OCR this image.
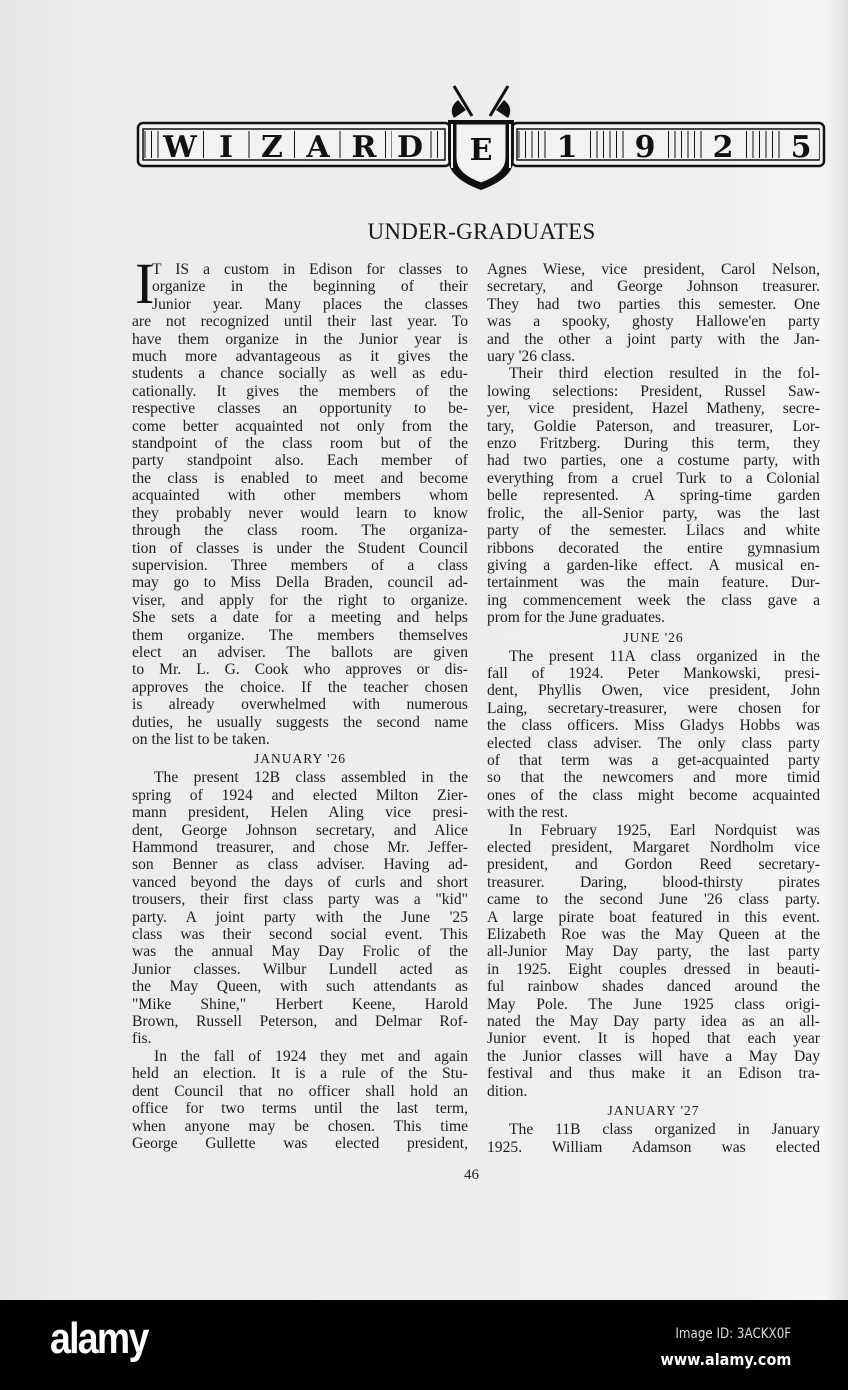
W I Z A R D	1 9 2 5
E
UNDER-GRADUATES
I
T IS a custom in Edison for classes to
organize in the beginning of their
Junior year. Many places the classes
are not recognized until their last year. To
have them organize in the Junior year is
much more advantageous as it gives the
students a chance socially as well as edu-
cationally. It gives the members of the
respective classes an opportunity to be-
come better acquainted not only from the
standpoint of the class room but of the
party standpoint also. Each member of
the class is enabled to meet and become
acquainted with other members whom
they probably never would learn to know
through the class room. The organiza-
tion of classes is under the Student Council
supervision. Three members of a class
may go to Miss Della Braden, council ad-
viser, and apply for the right to organize.
She sets a date for a meeting and helps
them organize. The members themselves
elect an adviser. The ballots are given
to Mr. L. G. Cook who approves or dis-
approves the choice. If the teacher chosen
is already overwhelmed with numerous
duties, he usually suggests the second name
on the list to be taken.
JANUARY '26
The present 12B class assembled in the
spring of 1924 and elected Milton Zier-
mann president, Helen Aling vice presi-
dent, George Johnson secretary, and Alice
Hammond treasurer, and chose Mr. Jeffer-
son Benner as class adviser. Having ad-
vanced beyond the days of curls and short
trousers, their first class party was a "kid"
party. A joint party with the June '25
class was their second social event. This
was the annual May Day Frolic of the
Junior classes. Wilbur Lundell acted as
the May Queen, with such attendants as
"Mike Shine," Herbert Keene, Harold
Brown, Russell Peterson, and Delmar Rof-
fis.
In the fall of 1924 they met and again
held an election. It is a rule of the Stu-
dent Council that no officer shall hold an
office for two terms until the last term,
when anyone may be chosen. This time
George Gullette was elected president,
Agnes Wiese, vice president, Carol Nelson,
secretary, and George Johnson treasurer.
They had two parties this semester. One
was a spooky, ghosty Hallowe'en party
and the other a joint party with the Jan-
uary '26 class.
Their third election resulted in the fol-
lowing selections: President, Russel Saw-
yer, vice president, Hazel Matheny, secre-
tary, Goldie Paterson, and treasurer, Lor-
enzo Fritzberg. During this term, they
had two parties, one a costume party, with
everything from a cruel Turk to a Colonial
belle represented. A spring-time garden
frolic, the all-Senior party, was the last
party of the semester. Lilacs and white
ribbons decorated the entire gymnasium
giving a garden-like effect. A musical en-
tertainment was the main feature. Dur-
ing commencement week the class gave a
prom for the June graduates.
JUNE '26
The present 11A class organized in the
fall of 1924. Peter Mankowski, presi-
dent, Phyllis Owen, vice president, John
Laing, secretary-treasurer, were chosen for
the class officers. Miss Gladys Hobbs was
elected class adviser. The only class party
of that term was a get-acquainted party
so that the newcomers and more timid
ones of the class might become acquainted
with the rest.
In February 1925, Earl Nordquist was
elected president, Margaret Nordholm vice
president, and Gordon Reed secretary-
treasurer. Daring, blood-thirsty pirates
came to the second June '26 class party.
A large pirate boat featured in this event.
Elizabeth Roe was the May Queen at the
all-Junior May Day party, the last party
in 1925. Eight couples dressed in beauti-
ful rainbow shades danced around the
May Pole. The June 1925 class origi-
nated the May Day party idea as an all-
Junior event. It is hoped that each year
the Junior classes will have a May Day
festival and thus make it an Edison tra-
dition.
JANUARY '27
The 11B class organized in January
1925. William Adamson was elected
46
alamy	Image ID: 3ACKX0F
www.alamy.com
